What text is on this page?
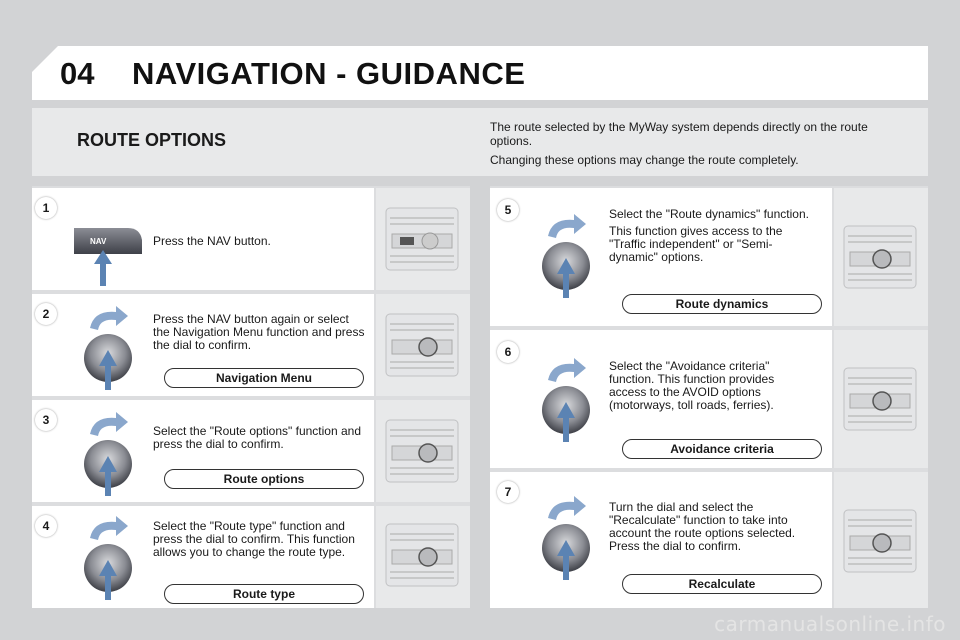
04 NAVIGATION - GUIDANCE
ROUTE OPTIONS

The route selected by the MyWay system depends directly on the route options.

Changing these options may change the route completely.

1
NAV	Press the NAV button.

2	Press the NAV button again or select the Navigation Menu function and press the dial to confirm.

Navigation Menu
3

Select the "Route options" function and press the dial to confirm.

Route options
4	Select the "Route type" function and press the dial to confirm. This function allows you to change the route type.

Route type
5	Select the "Route dynamics" function.

This function gives access to the "Traffic independent" or "Semi-dynamic" options.

Route dynamics
6

Select the "Avoidance criteria" function. This function provides access to the AVOID options (motorways, toll roads, ferries).

Avoidance criteria
7

Turn the dial and select the "Recalculate" function to take into account the route options selected. Press the dial to confirm.

Recalculate
carmanualsonline.info
